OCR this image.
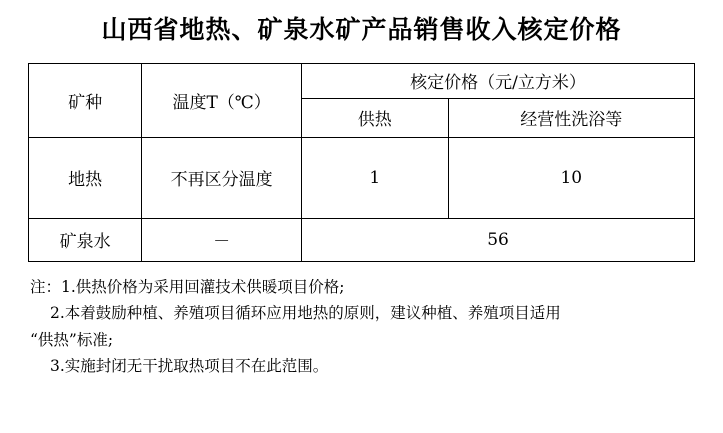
山西省地热、矿泉水矿产品销售收入核定价格
矿种	温度T（℃）	核定价格（元/立方米）	
		供热	经营性洗浴等
地热	不再区分温度	1	10
矿泉水	－	56	
注：1.供热价格为采用回灌技术供暖项目价格;
2.本着鼓励种植、养殖项目循环应用地热的原则，建议种植、养殖项目适用
“供热”标准;
3.实施封闭无干扰取热项目不在此范围。
